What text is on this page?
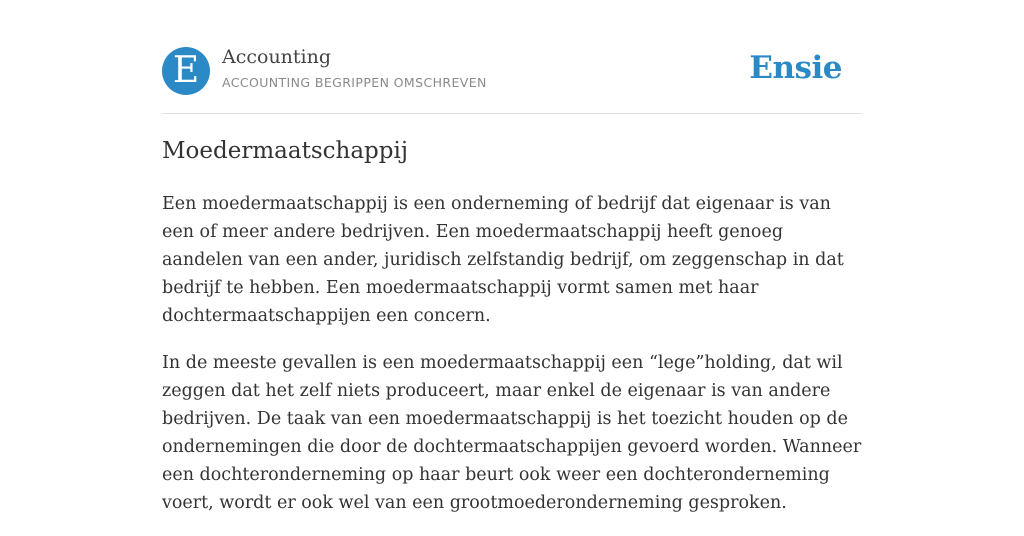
E	Accounting
ACCOUNTING BEGRIPPEN OMSCHREVEN	Ensie
Moedermaatschappij

Een moedermaatschappij is een onderneming of bedrijf dat eigenaar is van een of meer andere bedrijven. Een moedermaatschappij heeft genoeg aandelen van een ander, juridisch zelfstandig bedrijf, om zeggenschap in dat bedrijf te hebben. Een moedermaatschappij vormt samen met haar dochtermaatschappijen een concern.

In de meeste gevallen is een moedermaatschappij een “lege”holding, dat wil zeggen dat het zelf niets produceert, maar enkel de eigenaar is van andere bedrijven. De taak van een moedermaatschappij is het toezicht houden op de ondernemingen die door de dochtermaatschappijen gevoerd worden. Wanneer een dochteronderneming op haar beurt ook weer een dochteronderneming voert, wordt er ook wel van een grootmoederonderneming gesproken.
